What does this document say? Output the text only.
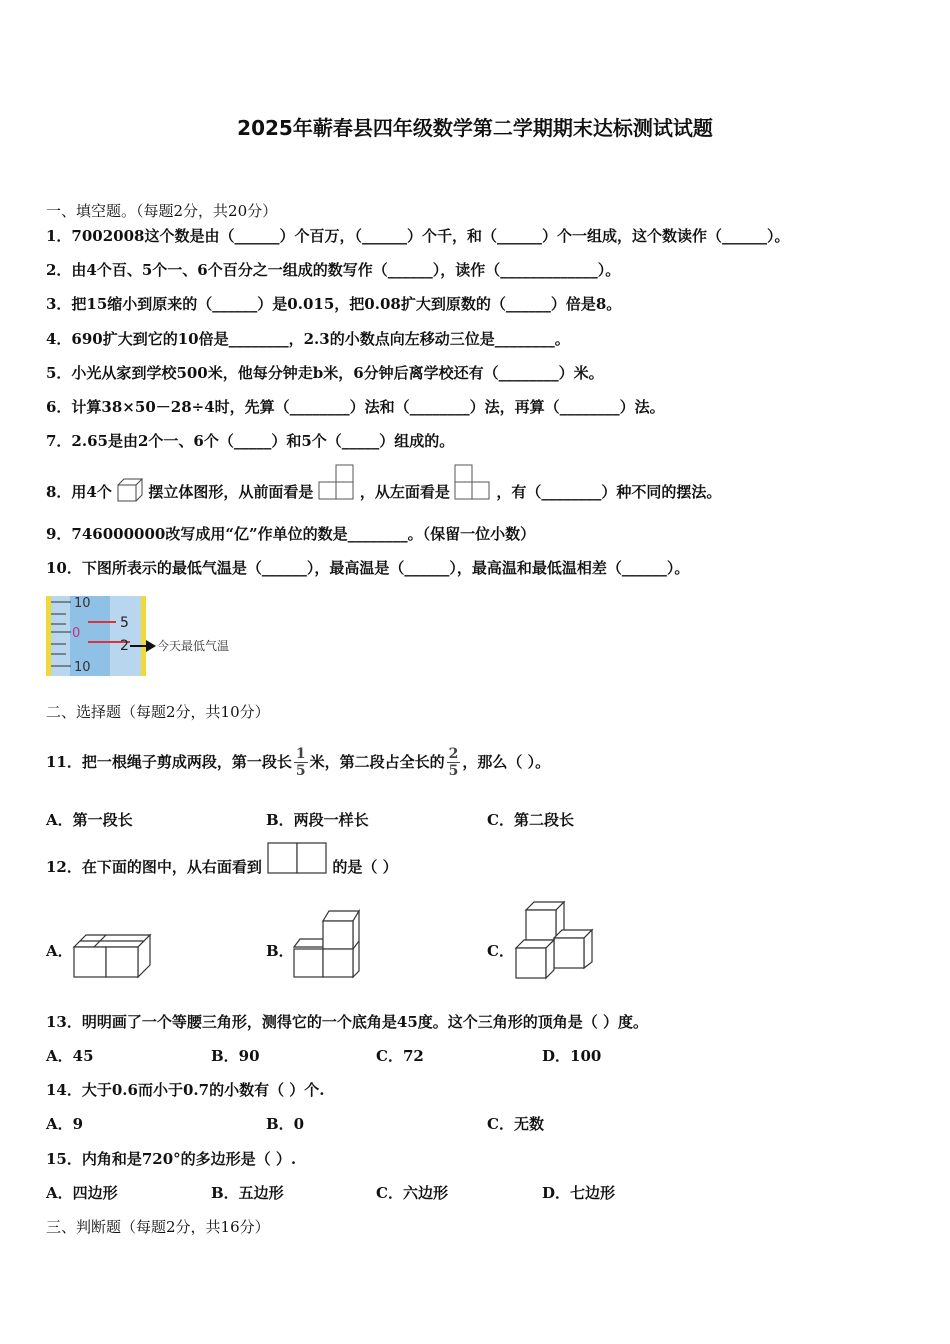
2025年蕲春县四年级数学第二学期期末达标测试试题
一、填空题。（每题2分，共20分）
1．7002008这个数是由（______）个百万，（______）个千，和（______）个一组成，这个数读作（______）。
2．由4个百、5个一、6个百分之一组成的数写作（______），读作（_____________）。
3．把15缩小到原来的（______）是0.015，把0.08扩大到原数的（______）倍是8。
4．690扩大到它的10倍是________，2.3的小数点向左移动三位是________。
5．小光从家到学校500米，他每分钟走b米，6分钟后离学校还有（________）米。
6．计算38×50－28÷4时，先算（________）法和（________）法，再算（________）法。
7．2.65是由2个一、6个（_____）和5个（_____）组成的。
8．用4个 摆立体图形，从前面看是	，从左面看是	，有（________）种不同的摆法。
9．746000000改写成用“亿”作单位的数是________。（保留一位小数）
10．下图所表示的最低气温是（______），最高温是（______），最高温和最低温相差（______）。
10
0
10
5
2 今天最低气温
二、选择题（每题2分，共10分）
11．把一根绳子剪成两段，第一段长 $\frac{1}{5}$ 米，第二段占全长的 $\frac{2}{5}$ ，那么（ ）。
A．第一段长	B．两段一样长	C．第二段长
12．在下面的图中，从右面看到	的是（ ）
A．	B．	C．
13．明明画了一个等腰三角形，测得它的一个底角是45度。这个三角形的顶角是（ ）度。
A．45	B．90	C．72	D．100
14．大于0.6而小于0.7的小数有（ ）个.
A．9	B．0	C．无数
15．内角和是720°的多边形是（ ）.
A．四边形	B．五边形	C．六边形	D．七边形
三、判断题（每题2分，共16分）
